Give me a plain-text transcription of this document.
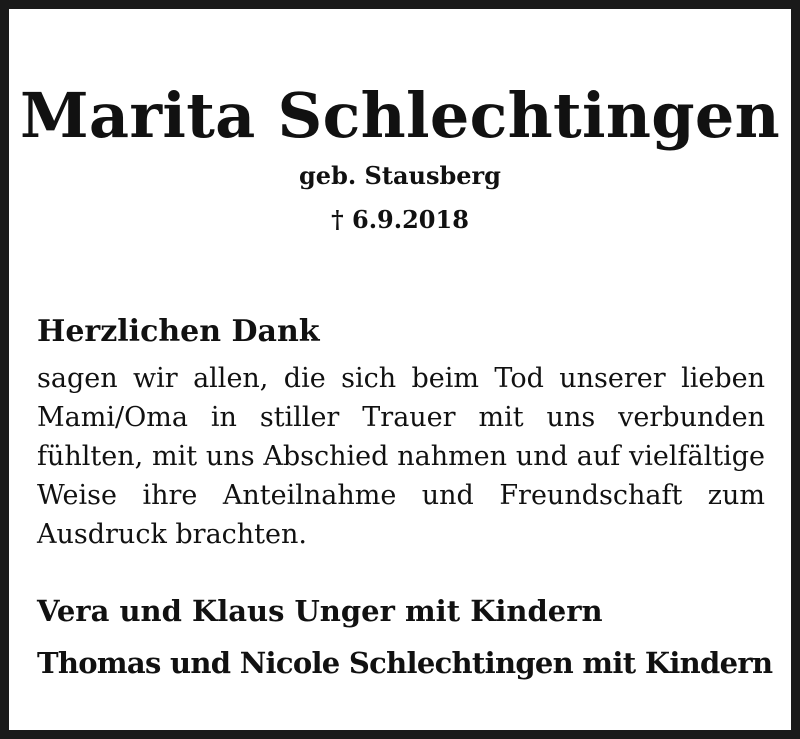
Marita Schlechtingen
geb. Stausberg
† 6.9.2018
Herzlichen Dank
sagen wir allen, die sich beim Tod unserer lieben Mami/Oma in stiller Trauer mit uns verbunden fühlten, mit uns Abschied nahmen und auf vielfältige Weise ihre Anteilnahme und Freundschaft zum Ausdruck brachten.
Vera und Klaus Unger mit Kindern
Thomas und Nicole Schlechtingen mit Kindern
